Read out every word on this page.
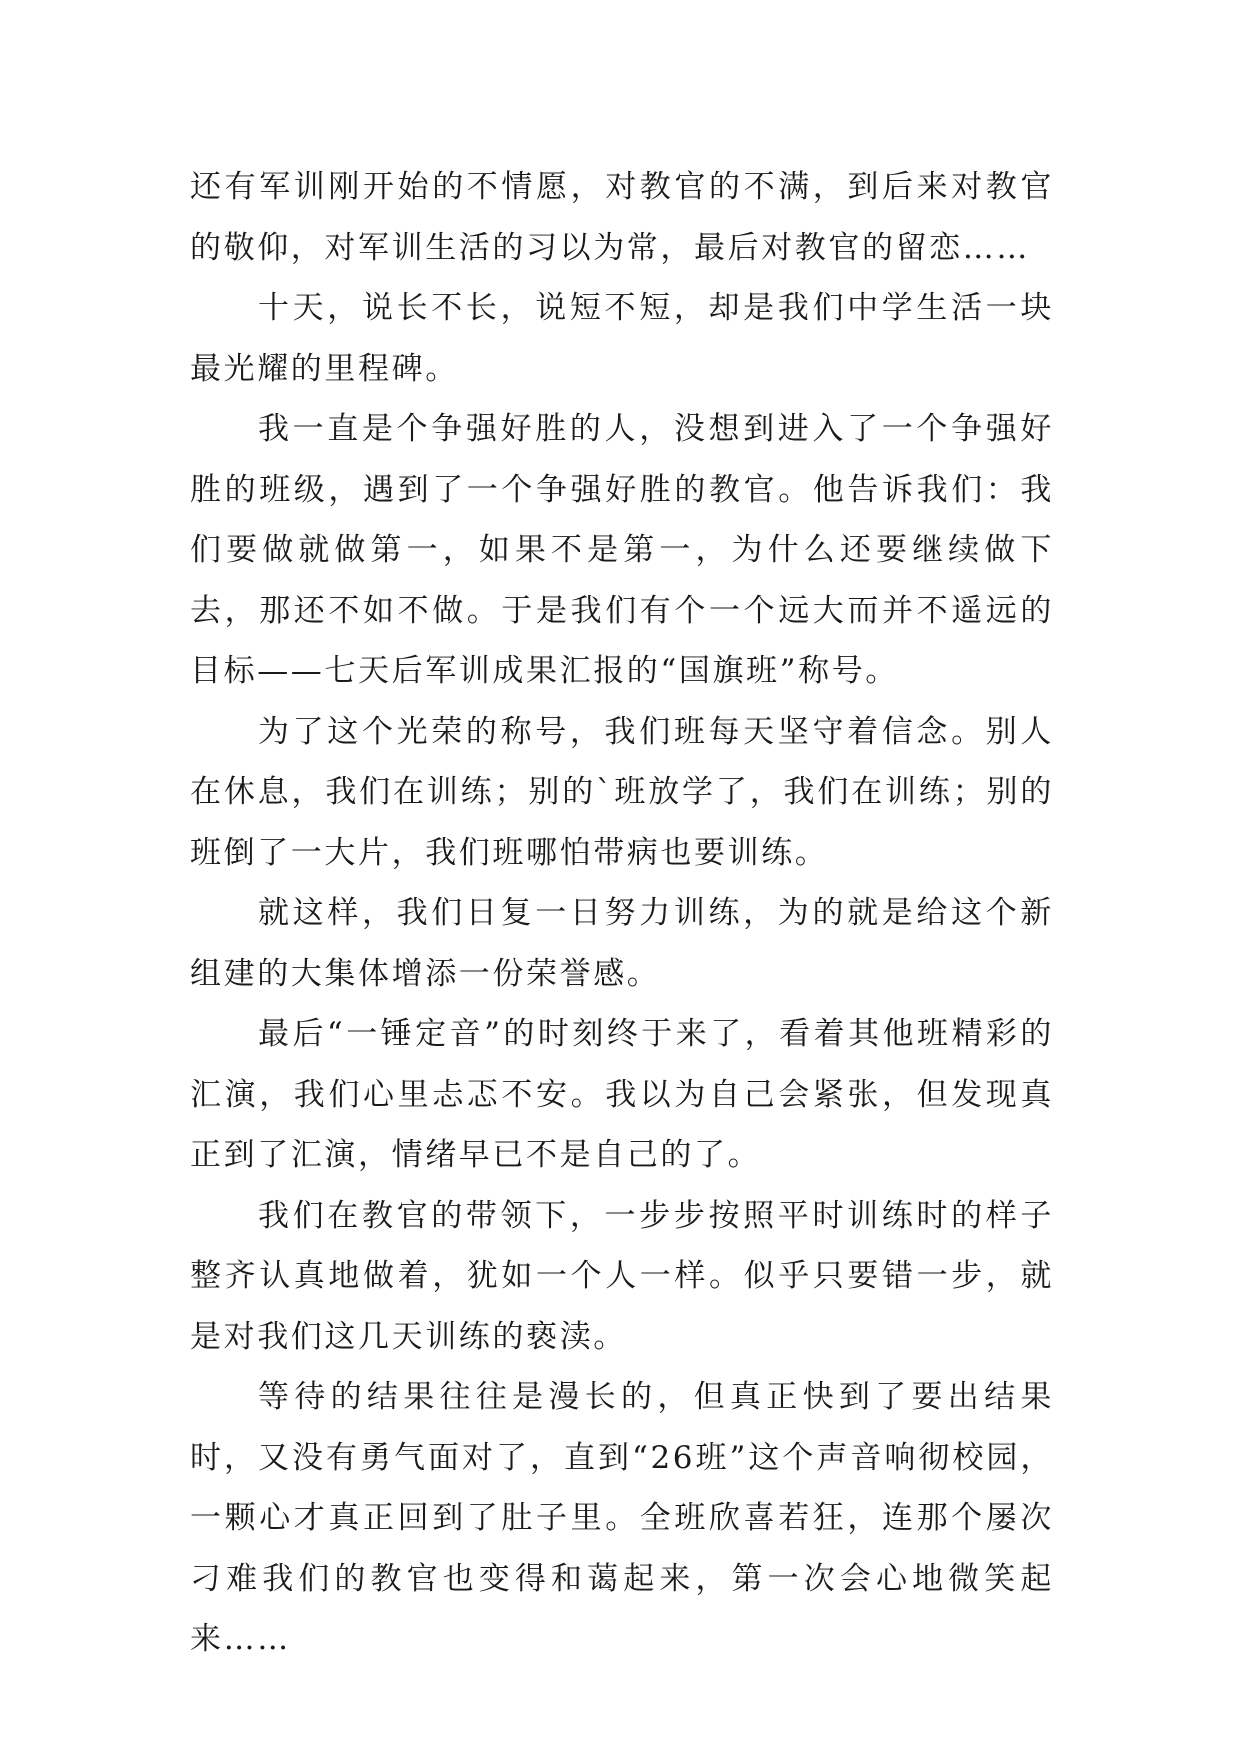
还有军训刚开始的不情愿，对教官的不满，到后来对教官的敬仰，对军训生活的习以为常，最后对教官的留恋……

十天，说长不长，说短不短，却是我们中学生活一块最光耀的里程碑。

我一直是个争强好胜的人，没想到进入了一个争强好胜的班级，遇到了一个争强好胜的教官。他告诉我们：我们要做就做第一，如果不是第一，为什么还要继续做下去，那还不如不做。于是我们有个一个远大而并不遥远的目标——七天后军训成果汇报的“国旗班”称号。

为了这个光荣的称号，我们班每天坚守着信念。别人在休息，我们在训练；别的`班放学了，我们在训练；别的班倒了一大片，我们班哪怕带病也要训练。

就这样，我们日复一日努力训练，为的就是给这个新组建的大集体增添一份荣誉感。

最后“一锤定音”的时刻终于来了，看着其他班精彩的汇演，我们心里忐忑不安。我以为自己会紧张，但发现真正到了汇演，情绪早已不是自己的了。

我们在教官的带领下，一步步按照平时训练时的样子整齐认真地做着，犹如一个人一样。似乎只要错一步，就是对我们这几天训练的亵渎。

等待的结果往往是漫长的，但真正快到了要出结果时，又没有勇气面对了，直到“26班”这个声音响彻校园，一颗心才真正回到了肚子里。全班欣喜若狂，连那个屡次刁难我们的教官也变得和蔼起来，第一次会心地微笑起来……
